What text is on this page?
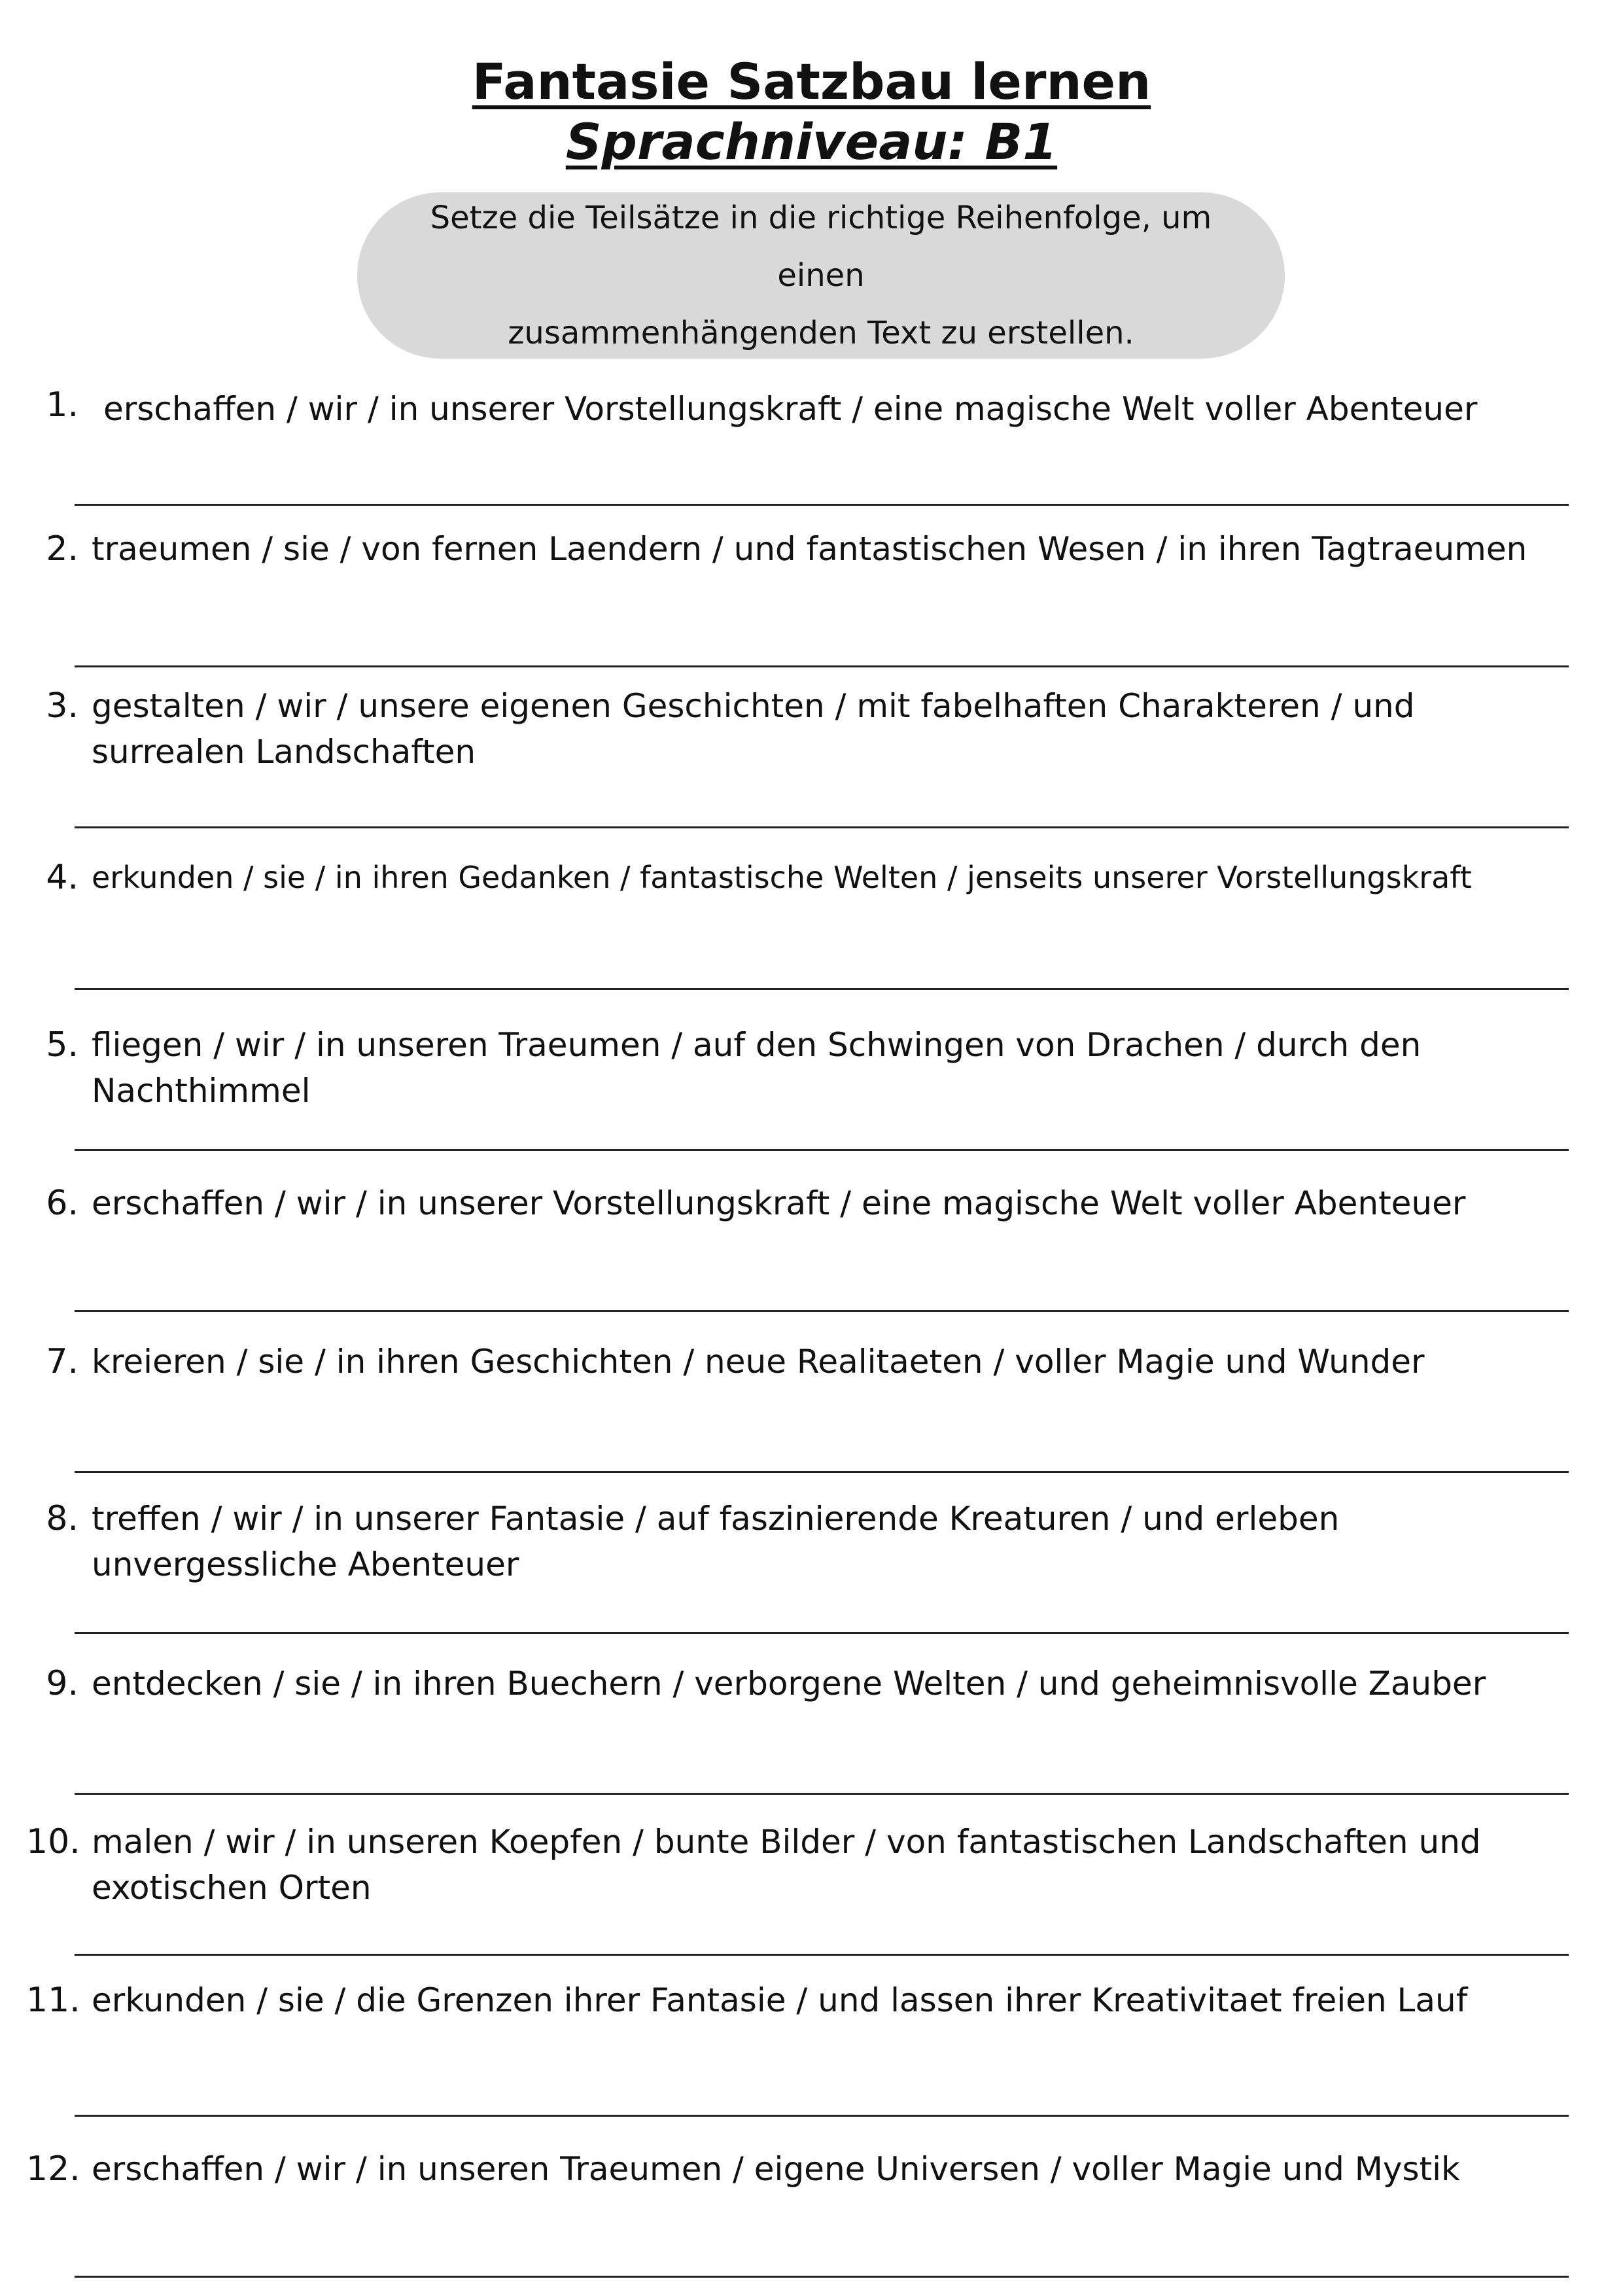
Fantasie Satzbau lernen
Sprachniveau: B1
Setze die Teilsätze in die richtige Reihenfolge, um einen
zusammenhängenden Text zu erstellen.
1. erschaffen / wir / in unserer Vorstellungskraft / eine magische Welt voller Abenteuer
2. traeumen / sie / von fernen Laendern / und fantastischen Wesen / in ihren Tagtraeumen
3. gestalten / wir / unsere eigenen Geschichten / mit fabelhaften Charakteren / und surrealen Landschaften
4. erkunden / sie / in ihren Gedanken / fantastische Welten / jenseits unserer Vorstellungskraft
5. fliegen / wir / in unseren Traeumen / auf den Schwingen von Drachen / durch den Nachthimmel
6. erschaffen / wir / in unserer Vorstellungskraft / eine magische Welt voller Abenteuer
7. kreieren / sie / in ihren Geschichten / neue Realitaeten / voller Magie und Wunder
8. treffen / wir / in unserer Fantasie / auf faszinierende Kreaturen / und erleben unvergessliche Abenteuer
9. entdecken / sie / in ihren Buechern / verborgene Welten / und geheimnisvolle Zauber
10. malen / wir / in unseren Koepfen / bunte Bilder / von fantastischen Landschaften und exotischen Orten
11. erkunden / sie / die Grenzen ihrer Fantasie / und lassen ihrer Kreativitaet freien Lauf
12. erschaffen / wir / in unseren Traeumen / eigene Universen / voller Magie und Mystik
